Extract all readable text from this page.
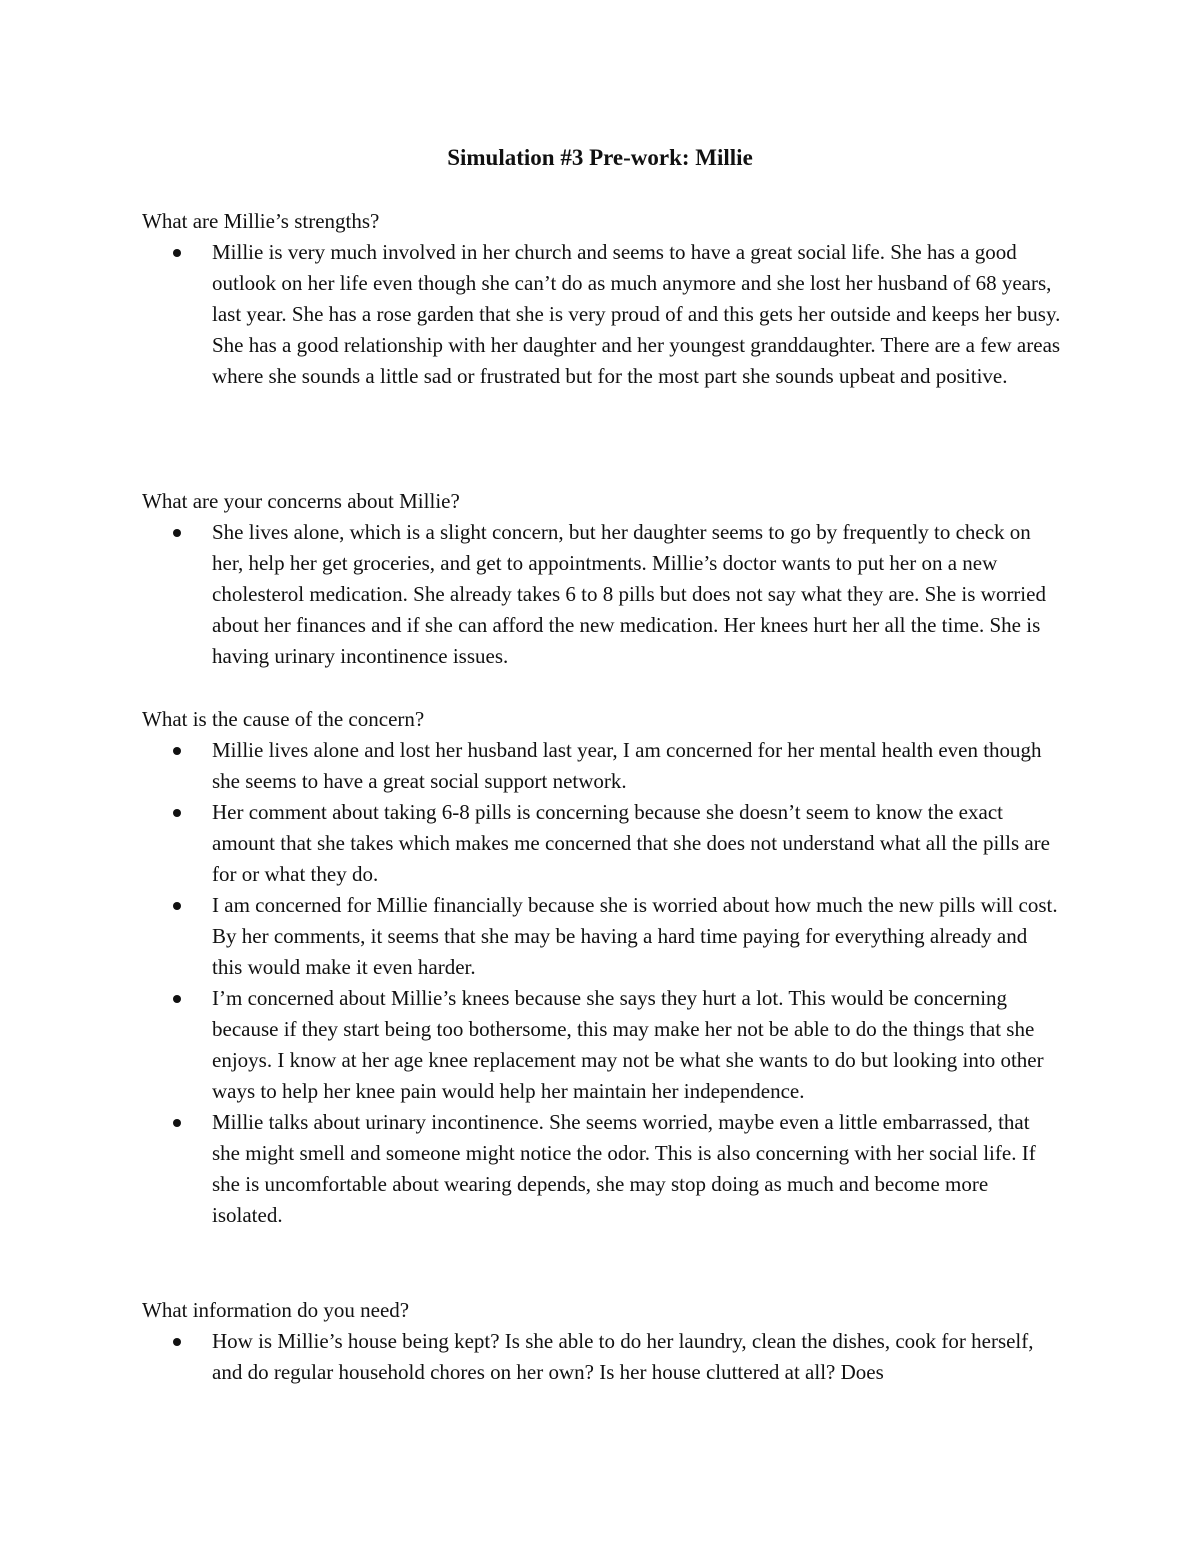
Simulation #3 Pre-work: Millie

What are Millie’s strengths?

Millie is very much involved in her church and seems to have a great social life. She has a good outlook on her life even though she can’t do as much anymore and she lost her husband of 68 years, last year. She has a rose garden that she is very proud of and this gets her outside and keeps her busy. She has a good relationship with her daughter and her youngest granddaughter. There are a few areas where she sounds a little sad or frustrated but for the most part she sounds upbeat and positive.

What are your concerns about Millie?

She lives alone, which is a slight concern, but her daughter seems to go by frequently to check on her, help her get groceries, and get to appointments. Millie’s doctor wants to put her on a new cholesterol medication. She already takes 6 to 8 pills but does not say what they are. She is worried about her finances and if she can afford the new medication. Her knees hurt her all the time. She is having urinary incontinence issues.

What is the cause of the concern?

Millie lives alone and lost her husband last year, I am concerned for her mental health even though she seems to have a great social support network.
Her comment about taking 6-8 pills is concerning because she doesn’t seem to know the exact amount that she takes which makes me concerned that she does not understand what all the pills are for or what they do.
I am concerned for Millie financially because she is worried about how much the new pills will cost. By her comments, it seems that she may be having a hard time paying for everything already and this would make it even harder.
I’m concerned about Millie’s knees because she says they hurt a lot. This would be concerning because if they start being too bothersome, this may make her not be able to do the things that she enjoys. I know at her age knee replacement may not be what she wants to do but looking into other ways to help her knee pain would help her maintain her independence.
Millie talks about urinary incontinence. She seems worried, maybe even a little embarrassed, that she might smell and someone might notice the odor. This is also concerning with her social life. If she is uncomfortable about wearing depends, she may stop doing as much and become more isolated.

What information do you need?

How is Millie’s house being kept? Is she able to do her laundry, clean the dishes, cook for herself, and do regular household chores on her own? Is her house cluttered at all? Does
